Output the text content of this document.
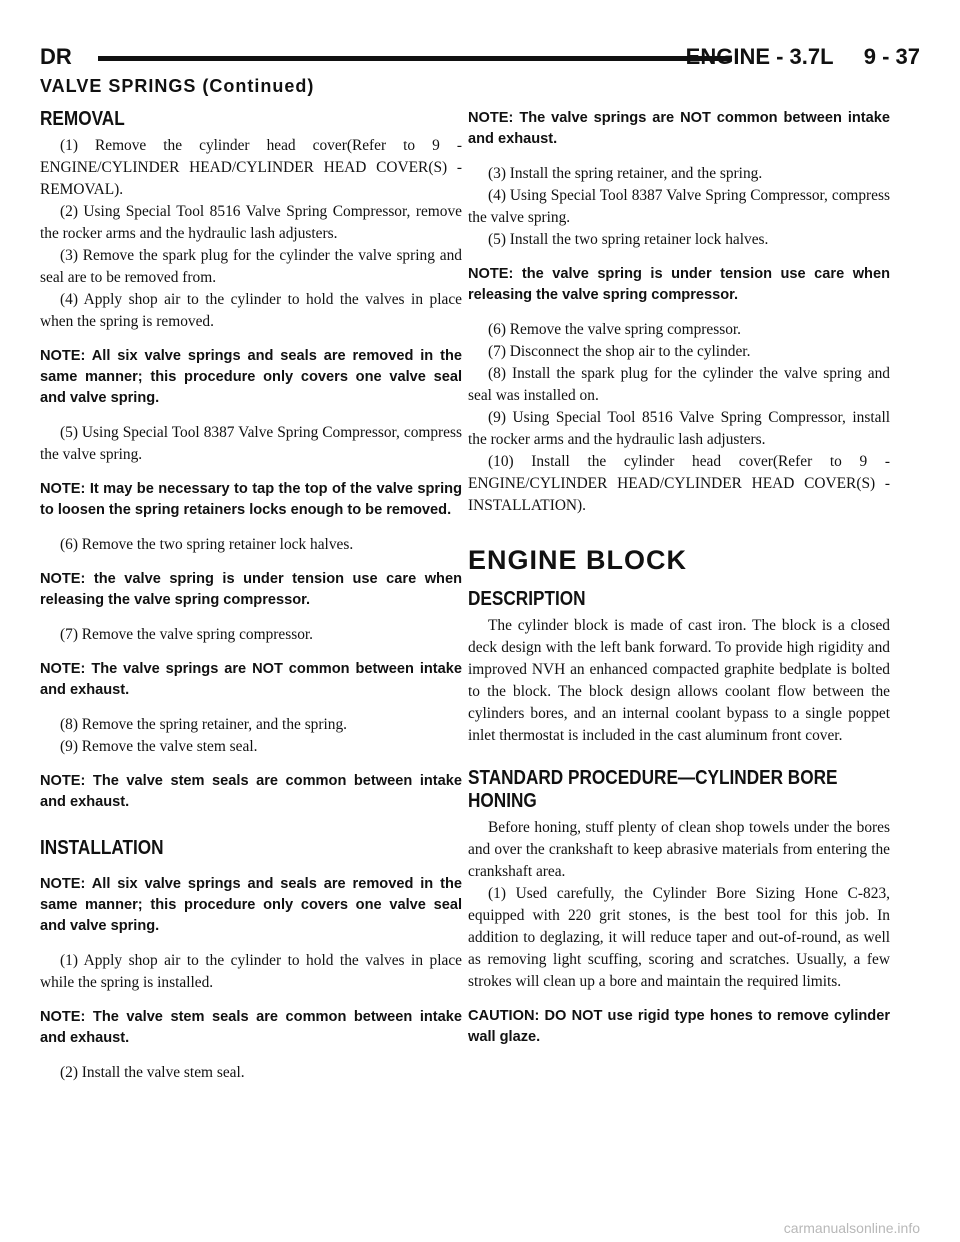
DR	ENGINE - 3.7L     9 - 37
VALVE SPRINGS (Continued)
REMOVAL

(1) Remove the cylinder head cover(Refer to 9 - ENGINE/CYLINDER HEAD/CYLINDER HEAD COVER(S) - REMOVAL).

(2) Using Special Tool 8516 Valve Spring Compressor, remove the rocker arms and the hydraulic lash adjusters.

(3) Remove the spark plug for the cylinder the valve spring and seal are to be removed from.

(4) Apply shop air to the cylinder to hold the valves in place when the spring is removed.

NOTE: All six valve springs and seals are removed in the same manner; this procedure only covers one valve seal and valve spring.

(5) Using Special Tool 8387 Valve Spring Compressor, compress the valve spring.

NOTE: It may be necessary to tap the top of the valve spring to loosen the spring retainers locks enough to be removed.

(6) Remove the two spring retainer lock halves.

NOTE: the valve spring is under tension use care when releasing the valve spring compressor.

(7) Remove the valve spring compressor.

NOTE: The valve springs are NOT common between intake and exhaust.

(8) Remove the spring retainer, and the spring.

(9) Remove the valve stem seal.

NOTE: The valve stem seals are common between intake and exhaust.

INSTALLATION

NOTE: All six valve springs and seals are removed in the same manner; this procedure only covers one valve seal and valve spring.

(1) Apply shop air to the cylinder to hold the valves in place while the spring is installed.

NOTE: The valve stem seals are common between intake and exhaust.

(2) Install the valve stem seal.

NOTE: The valve springs are NOT common between intake and exhaust.

(3) Install the spring retainer, and the spring.

(4) Using Special Tool 8387 Valve Spring Compressor, compress the valve spring.

(5) Install the two spring retainer lock halves.

NOTE: the valve spring is under tension use care when releasing the valve spring compressor.

(6) Remove the valve spring compressor.

(7) Disconnect the shop air to the cylinder.

(8) Install the spark plug for the cylinder the valve spring and seal was installed on.

(9) Using Special Tool 8516 Valve Spring Compressor, install the rocker arms and the hydraulic lash adjusters.

(10) Install the cylinder head cover(Refer to 9 - ENGINE/CYLINDER HEAD/CYLINDER HEAD COVER(S) - INSTALLATION).

ENGINE BLOCK
DESCRIPTION

The cylinder block is made of cast iron. The block is a closed deck design with the left bank forward. To provide high rigidity and improved NVH an enhanced compacted graphite bedplate is bolted to the block. The block design allows coolant flow between the cylinders bores, and an internal coolant bypass to a single poppet inlet thermostat is included in the cast aluminum front cover.

STANDARD PROCEDURE—CYLINDER BORE
HONING

Before honing, stuff plenty of clean shop towels under the bores and over the crankshaft to keep abrasive materials from entering the crankshaft area.

(1) Used carefully, the Cylinder Bore Sizing Hone C-823, equipped with 220 grit stones, is the best tool for this job. In addition to deglazing, it will reduce taper and out-of-round, as well as removing light scuffing, scoring and scratches. Usually, a few strokes will clean up a bore and maintain the required limits.

CAUTION: DO NOT use rigid type hones to remove cylinder wall glaze.

carmanualsonline.info
